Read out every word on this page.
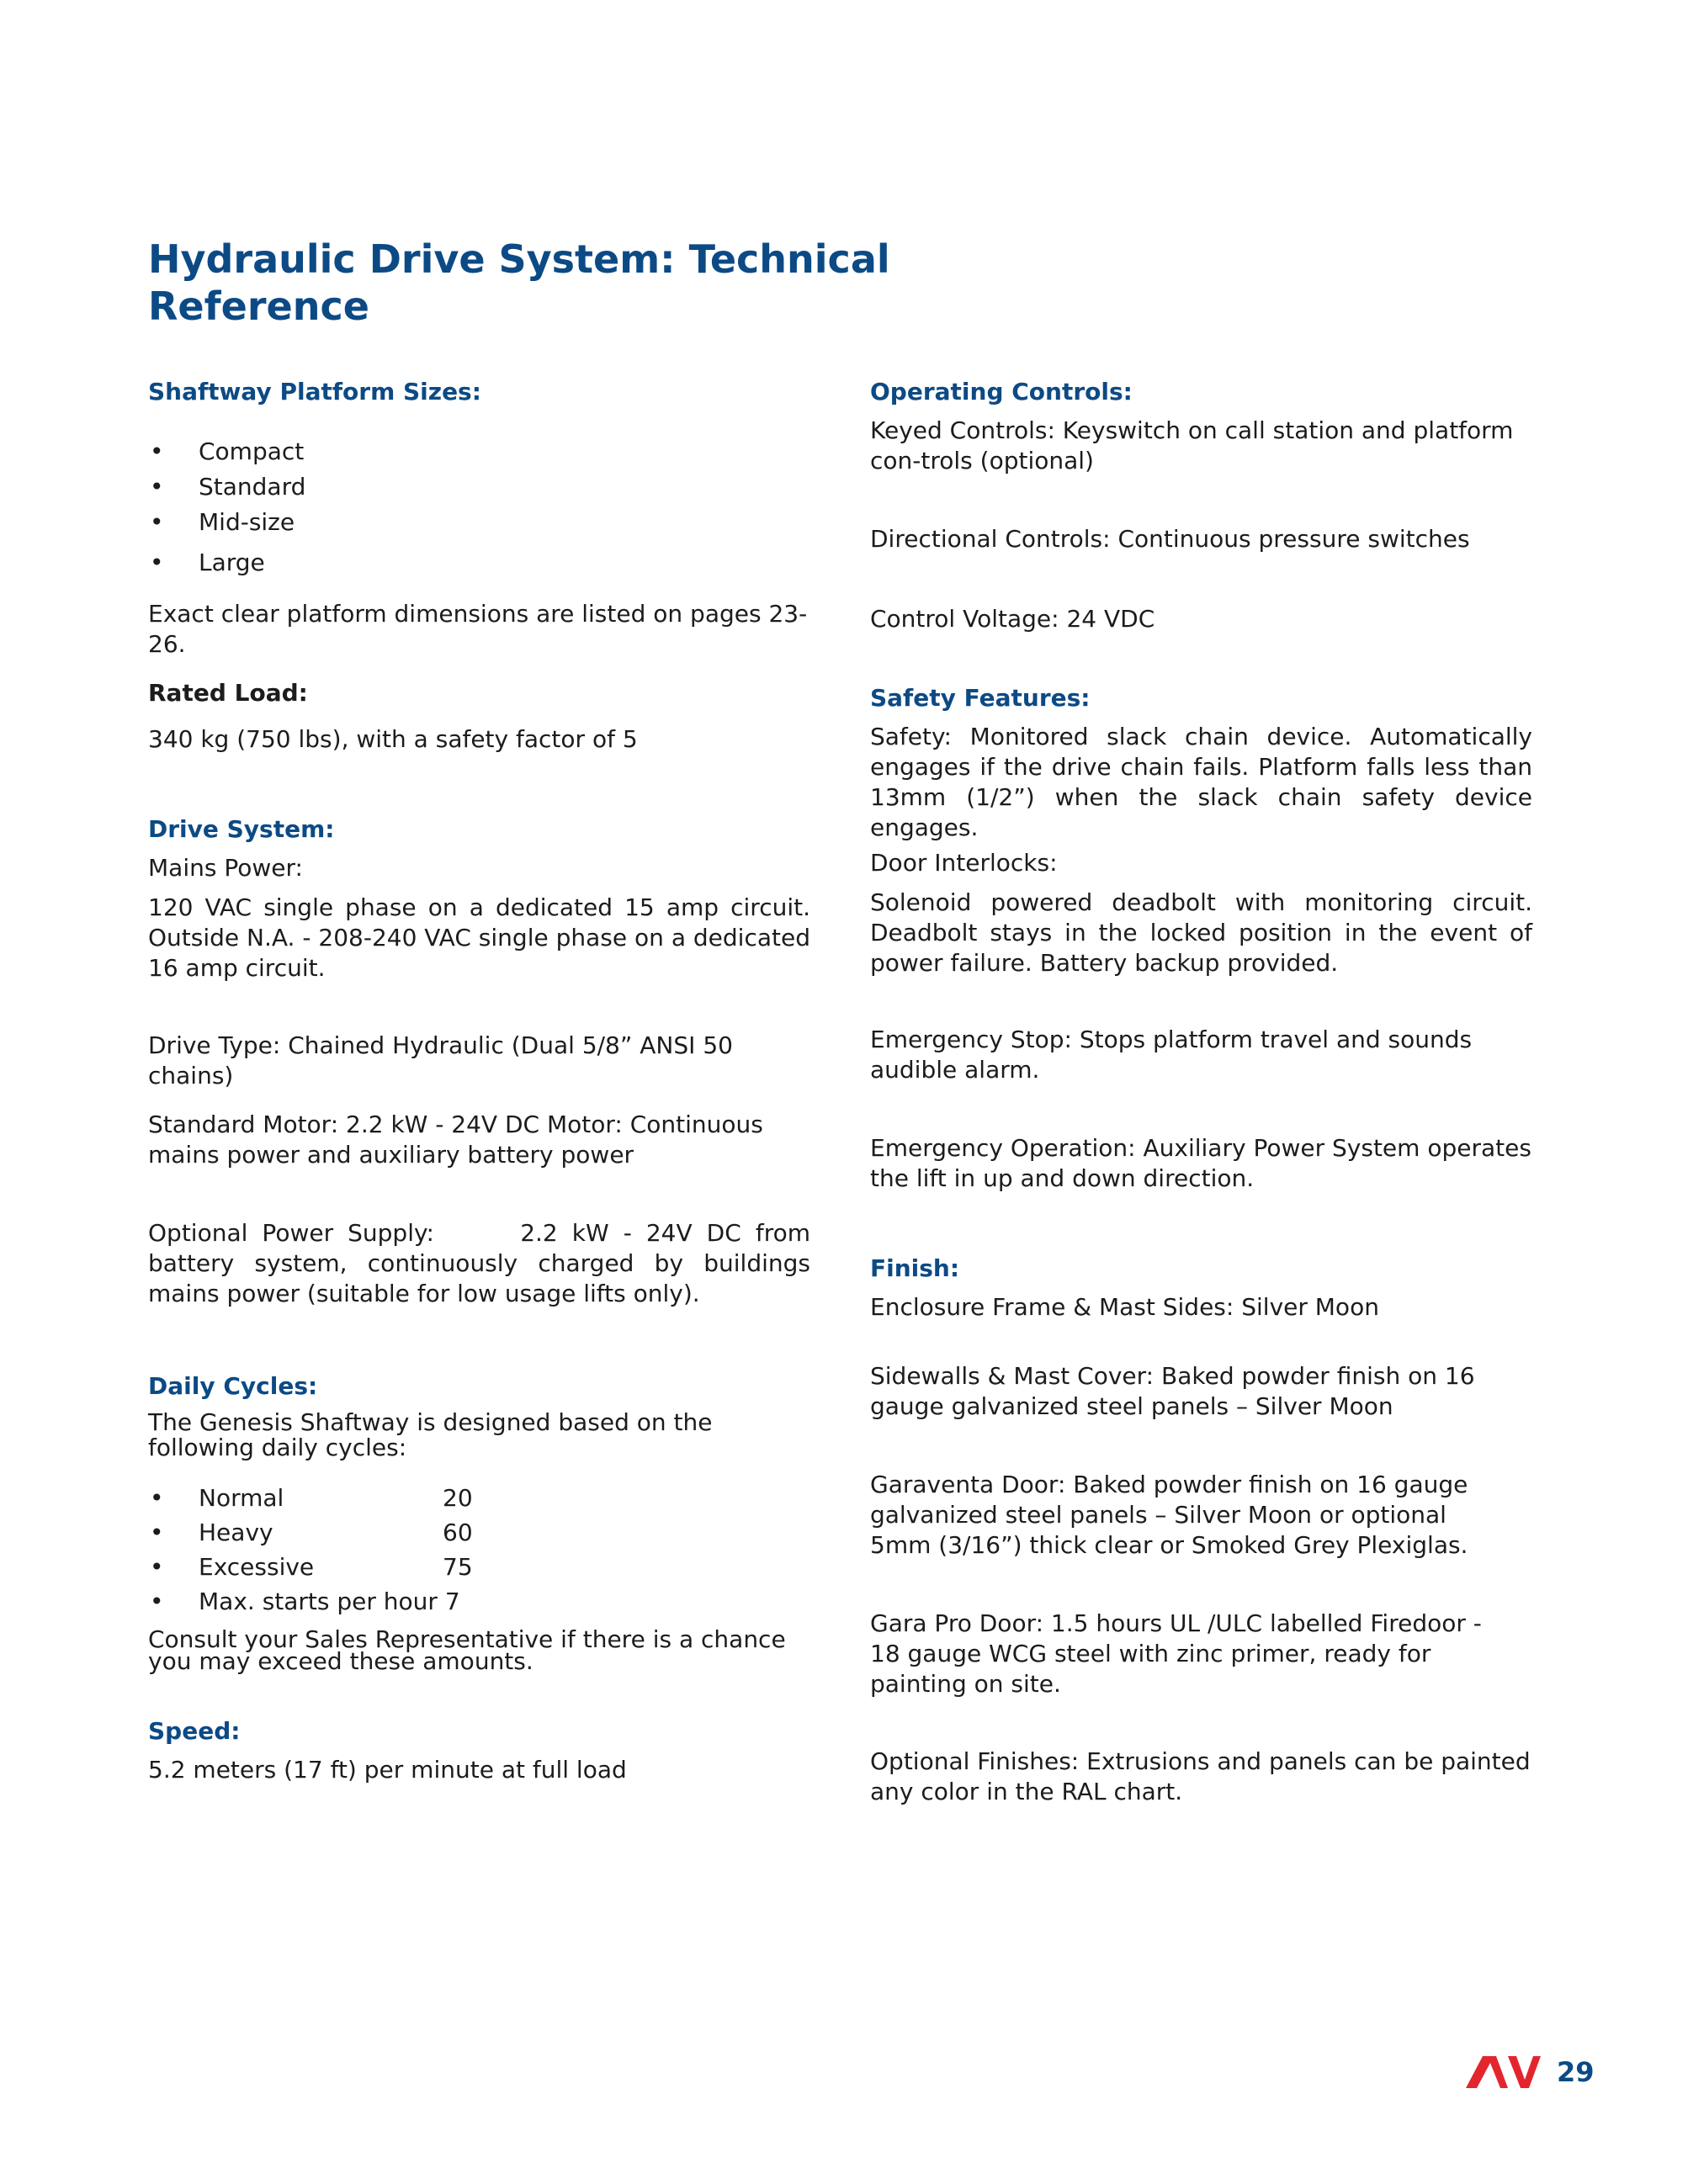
Hydraulic Drive System: Technical Reference
Shaftway Platform Sizes:
• Compact
• Standard
• Mid-size
• Large

Exact clear platform dimensions are listed on pages 23-26.

Rated Load:

340 kg (750 lbs), with a safety factor of 5

Drive System:

Mains Power:

120 VAC single phase on a dedicated 15 amp circuit. Outside N.A. - 208-240 VAC single phase on a dedicated 16 amp circuit.

Drive Type: Chained Hydraulic (Dual 5/8” ANSI 50 chains)

Standard Motor: 2.2 kW - 24V DC Motor: Continuous mains power and auxiliary battery power

Optional Power Supply:      2.2 kW - 24V DC from battery system, continuously charged by buildings mains power (suitable for low usage lifts only).

Daily Cycles:

The Genesis Shaftway is designed based on the following daily cycles:

• Normal	20
• Heavy	60
• Excessive	75
• Max. starts per hour 7

Consult your Sales Representative if there is a chance you may exceed these amounts.

Speed:

5.2 meters (17 ft) per minute at full load

Operating Controls:

Keyed Controls: Keyswitch on call station and platform con-trols (optional)

Directional Controls: Continuous pressure switches

Control Voltage: 24 VDC

Safety Features:

Safety: Monitored slack chain device. Automatically engages if the drive chain fails. Platform falls less than 13mm (1/2”) when the slack chain safety device engages.

Door Interlocks:

Solenoid powered deadbolt with monitoring circuit. Deadbolt stays in the locked position in the event of power failure. Battery backup provided.

Emergency Stop: Stops platform travel and sounds audible alarm.

Emergency Operation: Auxiliary Power System operates the lift in up and down direction.

Finish:

Enclosure Frame & Mast Sides: Silver Moon

Sidewalls & Mast Cover: Baked powder finish on 16 gauge galvanized steel panels – Silver Moon

Garaventa Door: Baked powder finish on 16 gauge galvanized steel panels – Silver Moon or optional 5mm (3/16”) thick clear or Smoked Grey Plexiglas.

Gara Pro Door: 1.5 hours UL /ULC labelled Firedoor - 18 gauge WCG steel with zinc primer, ready for painting on site.

Optional Finishes: Extrusions and panels can be painted any color in the RAL chart.

29
